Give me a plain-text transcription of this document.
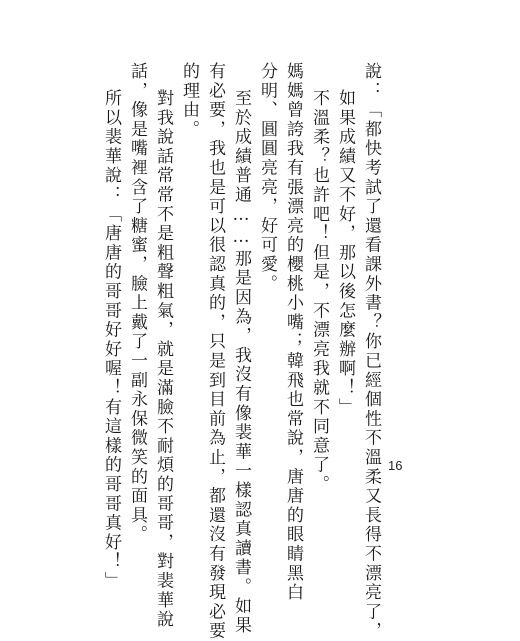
說：「都快考試了還看課外書？你已經個性不溫柔又長得不漂亮了，
如果成績又不好，那以後怎麼辦啊！」
不溫柔？也許吧！但是，不漂亮我就不同意了。
媽媽曾誇我有張漂亮的櫻桃小嘴；韓飛也常說，唐唐的眼睛黑白
分明、圓圓亮亮，好可愛。
至於成績普通……那是因為，我沒有像裴華一樣認真讀書。如果
有必要，我也是可以很認真的，只是到目前為止，都還沒有發現必要
的理由。
對我說話常常不是粗聲粗氣，就是滿臉不耐煩的哥哥，對裴華說
話，像是嘴裡含了糖蜜，臉上戴了一副永保微笑的面具。
所以裴華說：「唐唐的哥哥好好喔！有這樣的哥哥真好！」	16
